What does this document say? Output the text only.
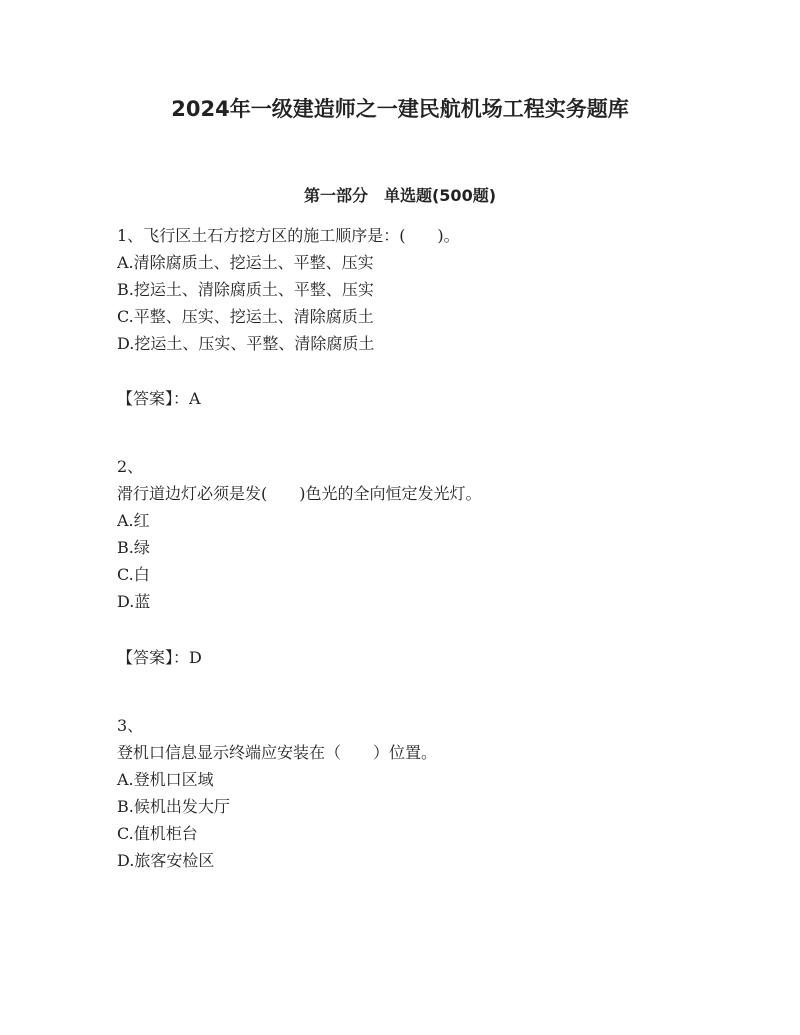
2024年一级建造师之一建民航机场工程实务题库
第一部分　单选题(500题)
1、飞行区土石方挖方区的施工顺序是：(　　)。
A.清除腐质土、挖运土、平整、压实
B.挖运土、清除腐质土、平整、压实
C.平整、压实、挖运土、清除腐质土
D.挖运土、压实、平整、清除腐质土
【答案】：A
2、
滑行道边灯必须是发(　　)色光的全向恒定发光灯。
A.红
B.绿
C.白
D.蓝
【答案】：D
3、
登机口信息显示终端应安装在（　　）位置。
A.登机口区域
B.候机出发大厅
C.值机柜台
D.旅客安检区
